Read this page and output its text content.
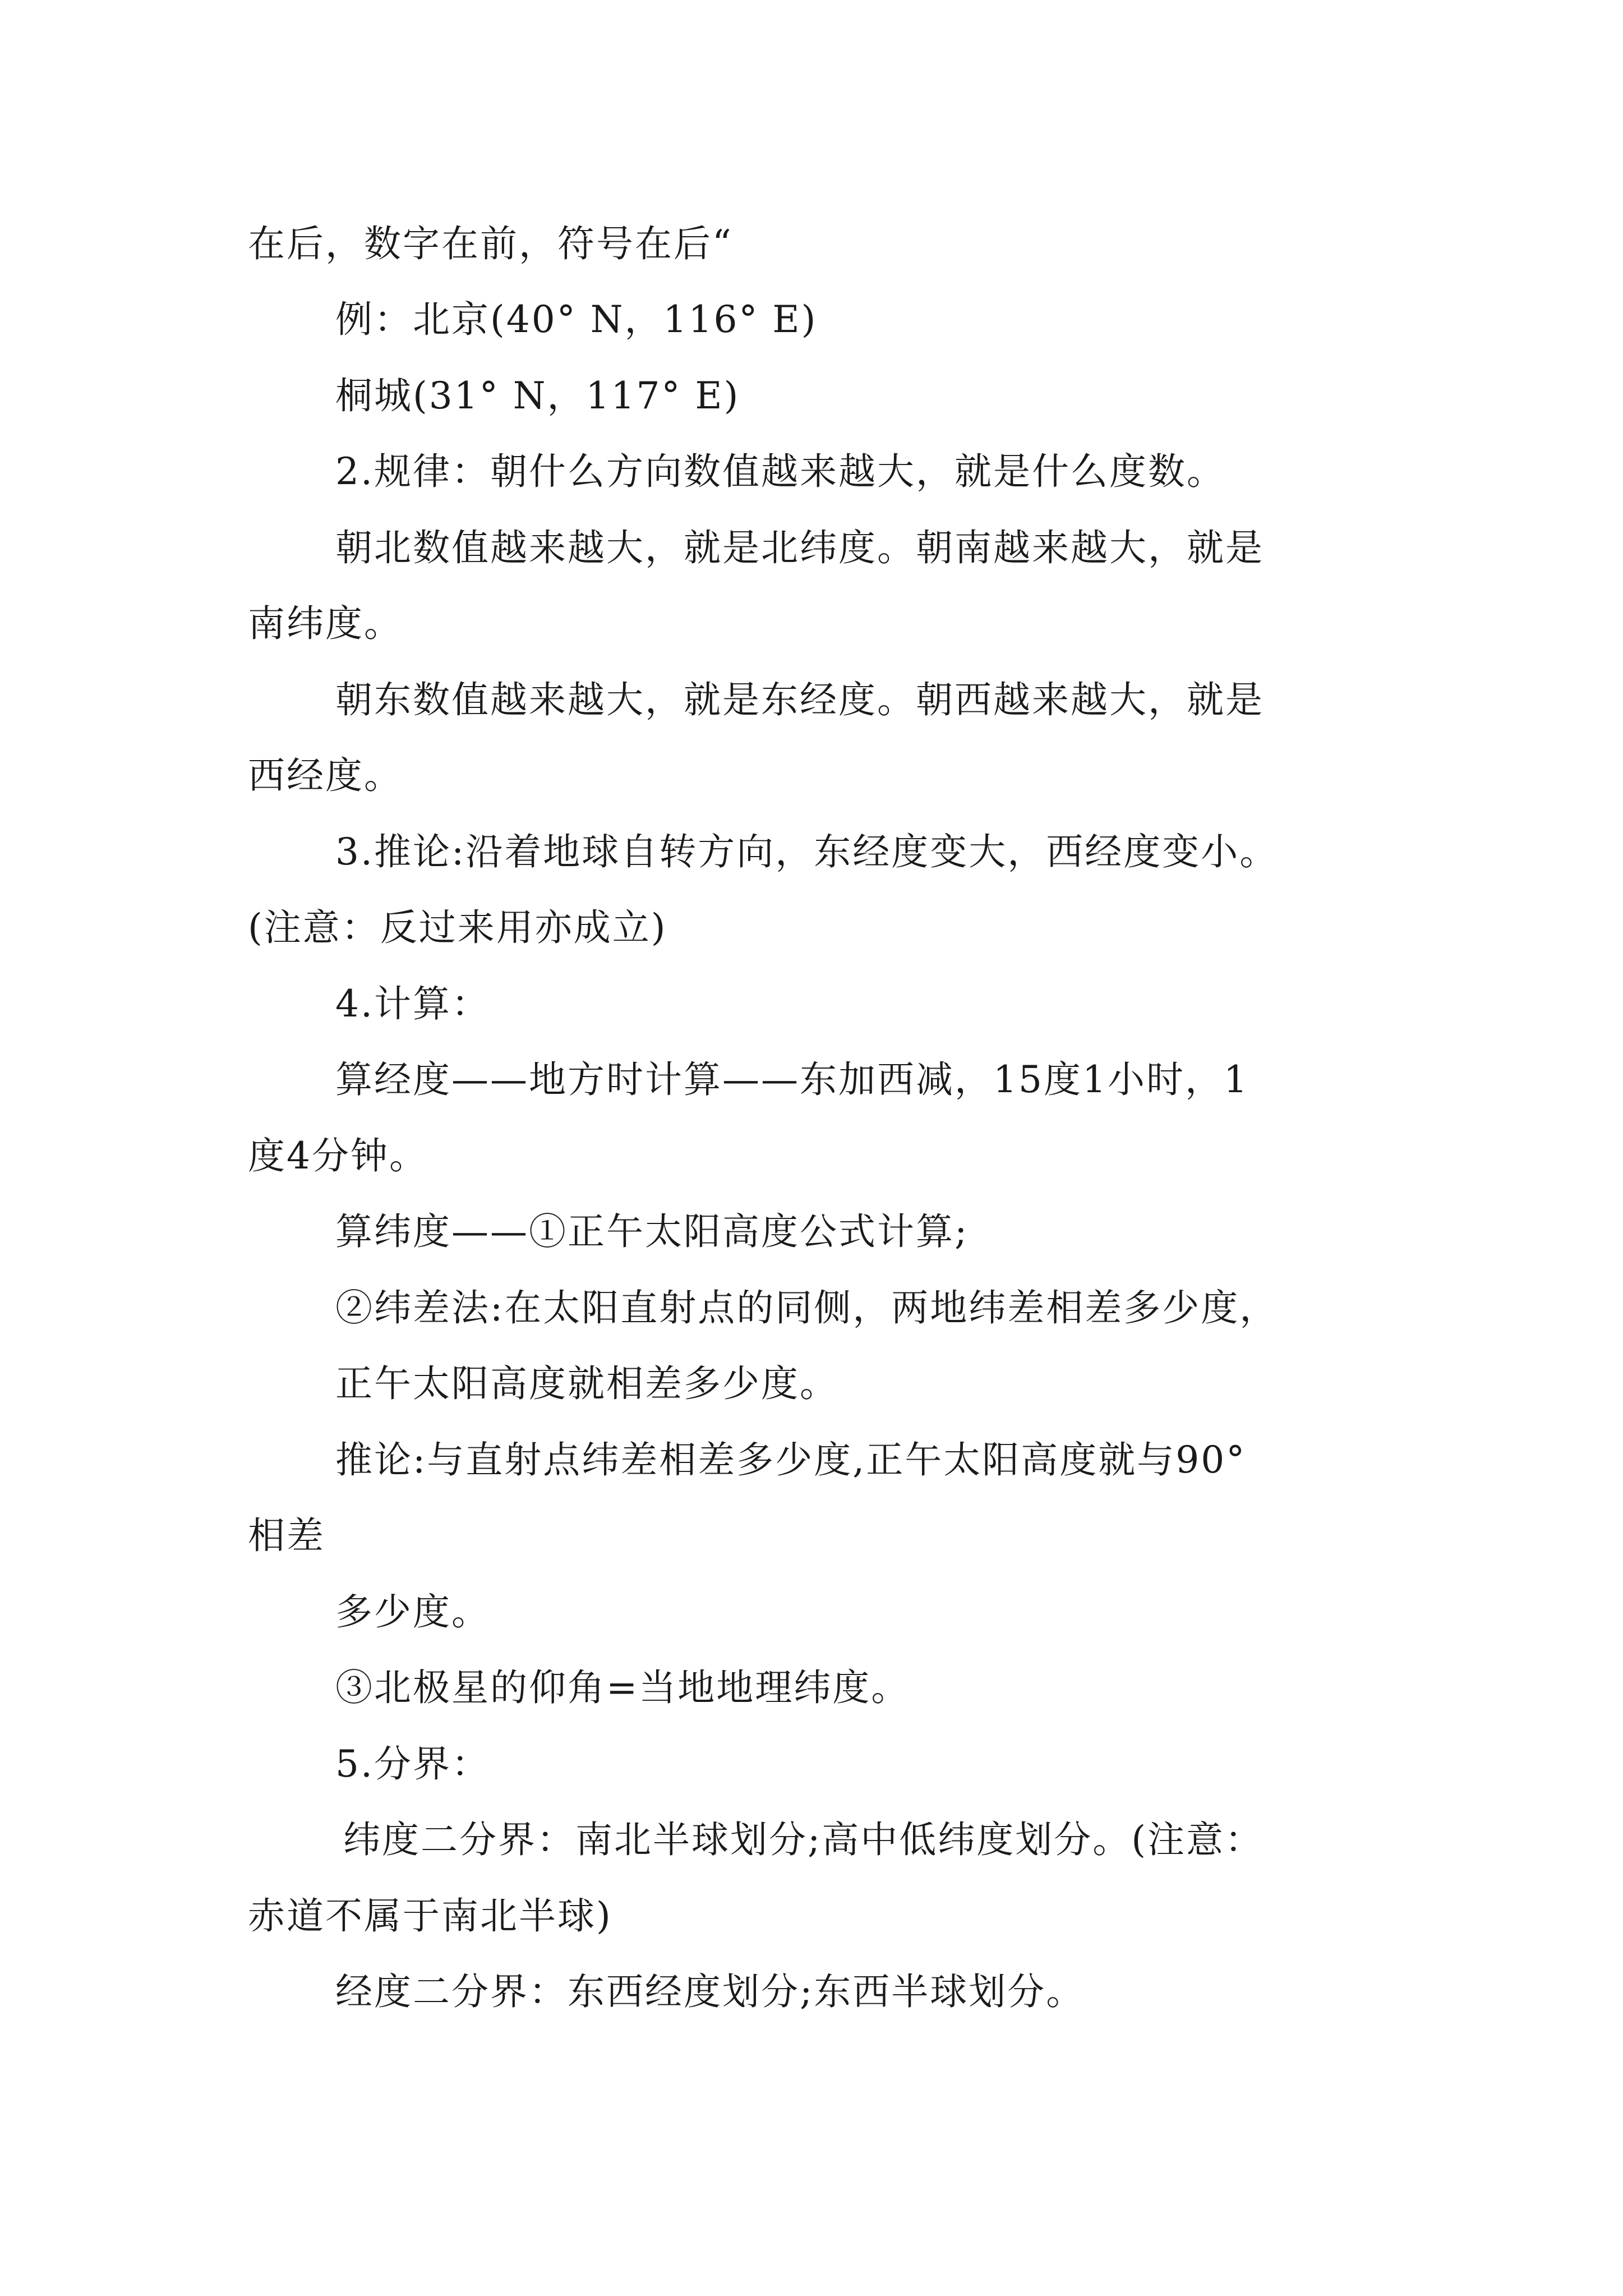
在后，数字在前，符号在后“
例：北京(40° N，116° E)
桐城(31° N，117° E)
2.规律：朝什么方向数值越来越大，就是什么度数。
朝北数值越来越大，就是北纬度。朝南越来越大，就是
南纬度。
朝东数值越来越大，就是东经度。朝西越来越大，就是
西经度。
3.推论:沿着地球自转方向，东经度变大，西经度变小。
(注意：反过来用亦成立)
4.计算：
算经度——地方时计算——东加西减，15度1小时，1
度4分钟。
算纬度——①正午太阳高度公式计算;
②纬差法:在太阳直射点的同侧，两地纬差相差多少度，
正午太阳高度就相差多少度。
推论:与直射点纬差相差多少度,正午太阳高度就与90°
相差
多少度。
③北极星的仰角=当地地理纬度。
5.分界：
纬度二分界：南北半球划分;高中低纬度划分。(注意：
赤道不属于南北半球)
经度二分界：东西经度划分;东西半球划分。
